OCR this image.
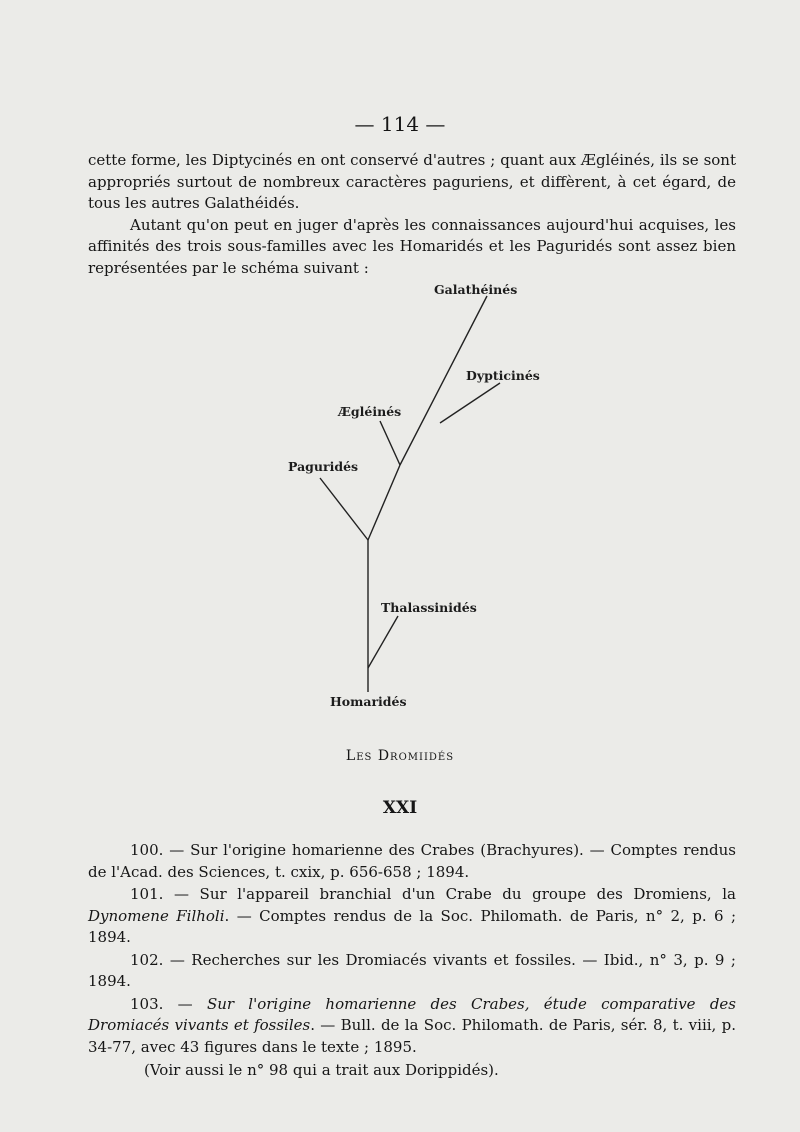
— 114 —

cette forme, les Diptycinés en ont conservé d'autres ; quant aux Ægléinés, ils se sont appropriés surtout de nombreux caractères paguriens, et diffèrent, à cet égard, de tous les autres Galathéidés.

Autant qu'on peut en juger d'après les connaissances aujourd'hui acquises, les affinités des trois sous-familles avec les Homaridés et les Paguridés sont assez bien représentées par le schéma suivant :

Galathéinés
Dypticinés
Ægléinés
Paguridés
Thalassinidés
Homaridés
Les Dromiidés
XXI

100. — Sur l'origine homarienne des Crabes (Brachyures). — Comptes rendus de l'Acad. des Sciences, t. cxix, p. 656-658 ; 1894.

101. — Sur l'appareil branchial d'un Crabe du groupe des Dromiens, la Dynomene Filholi. — Comptes rendus de la Soc. Philomath. de Paris, n° 2, p. 6 ; 1894.

102. — Recherches sur les Dromiacés vivants et fossiles. — Ibid., n° 3, p. 9 ; 1894.

103. — Sur l'origine homarienne des Crabes, étude comparative des Dromiacés vivants et fossiles. — Bull. de la Soc. Philomath. de Paris, sér. 8, t. viii, p. 34-77, avec 43 figures dans le texte ; 1895.

(Voir aussi le n° 98 qui a trait aux Dorippidés).
